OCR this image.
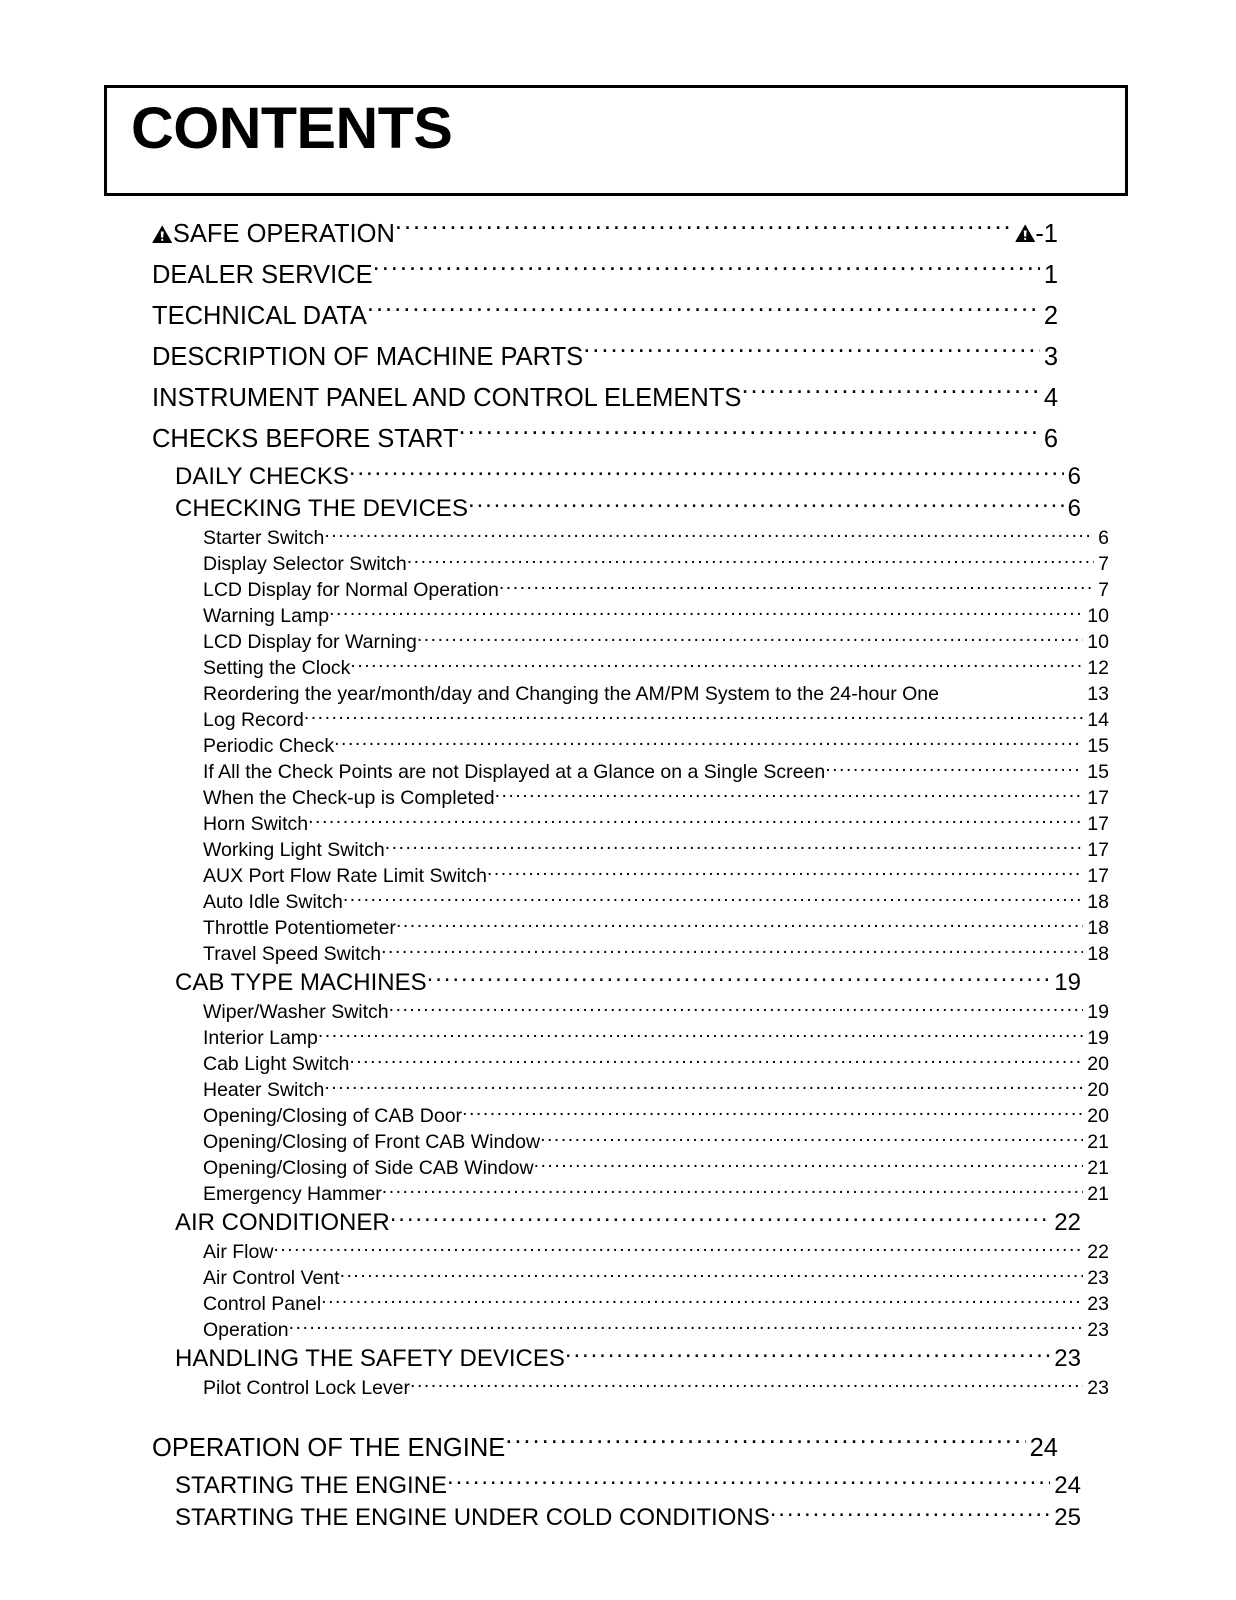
CONTENTS
SAFE OPERATION .....	-1
DEALER SERVICE .....	1
TECHNICAL DATA .....	2
DESCRIPTION OF MACHINE PARTS .....	3
INSTRUMENT PANEL AND CONTROL ELEMENTS .....	4
CHECKS BEFORE START .....	6
DAILY CHECKS .....	6
CHECKING THE DEVICES .....	6
Starter Switch .....	6
Display Selector Switch .....	7
LCD Display for Normal Operation .....	7
Warning Lamp .....	10
LCD Display for Warning .....	10
Setting the Clock .....	12
Reordering the year/month/day and Changing the AM/PM System to the 24-hour One	13
Log Record .....	14
Periodic Check .....	15
If All the Check Points are not Displayed at a Glance on a Single Screen .....	15
When the Check-up is Completed .....	17
Horn Switch .....	17
Working Light Switch .....	17
AUX Port Flow Rate Limit Switch .....	17
Auto Idle Switch .....	18
Throttle Potentiometer .....	18
Travel Speed Switch .....	18
CAB TYPE MACHINES .....	19
Wiper/Washer Switch .....	19
Interior Lamp .....	19
Cab Light Switch .....	20
Heater Switch .....	20
Opening/Closing of CAB Door .....	20
Opening/Closing of Front CAB Window .....	21
Opening/Closing of Side CAB Window .....	21
Emergency Hammer .....	21
AIR CONDITIONER .....	22
Air Flow .....	22
Air Control Vent .....	23
Control Panel .....	23
Operation .....	23
HANDLING THE SAFETY DEVICES .....	23
Pilot Control Lock Lever .....	23
OPERATION OF THE ENGINE .....	24
STARTING THE ENGINE .....	24
STARTING THE ENGINE UNDER COLD CONDITIONS .....	25
